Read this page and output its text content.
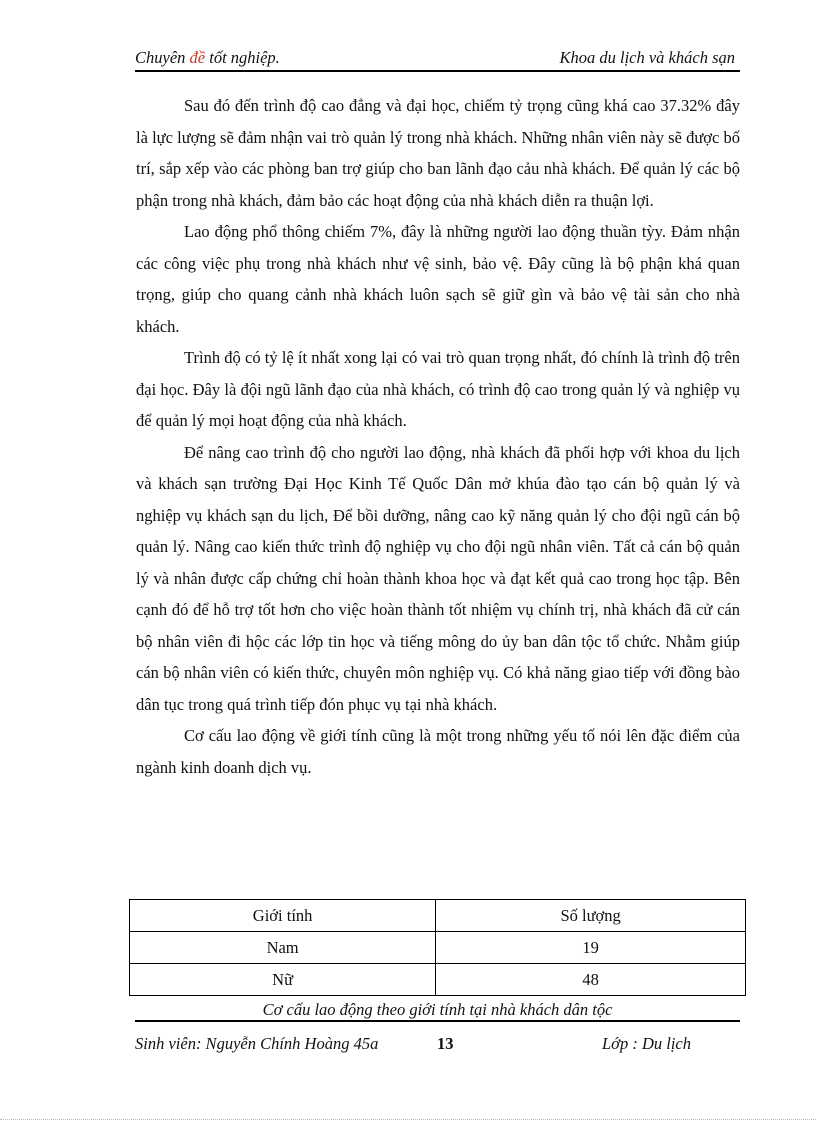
Chuyên đề tốt nghiệp.	Khoa du lịch và khách sạn

Sau đó đến trình độ cao đẳng và đại học, chiếm tỷ trọng cũng khá cao 37.32% đây là lực lượng sẽ đảm nhận vai trò quản lý trong nhà khách. Những nhân viên này sẽ được bố trí, sắp xếp vào các phòng ban trợ giúp cho ban lãnh đạo cảu nhà khách. Để quản lý các bộ phận trong nhà khách, đảm bảo các hoạt động của nhà khách diễn ra thuận lợi.

Lao động phổ thông chiếm 7%, đây là những người lao động thuần tỳy. Đảm nhận các công việc phụ trong nhà khách như vệ sinh, bảo vệ. Đây cũng là bộ phận khá quan trọng, giúp cho quang cảnh nhà khách luôn sạch sẽ giữ gìn và bảo vệ tài sản cho nhà khách.

Trình độ có tỷ lệ ít nhất xong lại có vai trò quan trọng nhất, đó chính là trình độ trên đại học. Đây là đội ngũ lãnh đạo của nhà khách, có trình độ cao trong quản lý và nghiệp vụ để quản lý mọi hoạt động của nhà khách.

Để nâng cao trình độ cho người lao động, nhà khách đã phối hợp với khoa du lịch và khách sạn trường Đại Học Kinh Tế Quốc Dân mở khúa đào tạo cán bộ quản lý và nghiệp vụ khách sạn du lịch, Để bồi dưỡng, nâng cao kỹ năng quản lý cho đội ngũ cán bộ quản lý. Nâng cao kiến thức trình độ nghiệp vụ cho đội ngũ nhân viên. Tất cả cán bộ quản lý và nhân được cấp chứng chỉ hoàn thành khoa học và đạt kết quả cao trong học tập. Bên cạnh đó để hỗ trợ tốt hơn cho việc hoàn thành tốt nhiệm vụ chính trị, nhà khách đã cử cán bộ nhân viên đi hộc các lớp tin học và tiếng mông do ủy ban dân tộc tổ chức. Nhằm giúp cán bộ nhân viên có kiến thức, chuyên môn nghiệp vụ. Có khả năng giao tiếp với đồng bào dân tục trong quá trình tiếp đón phục vụ tại nhà khách.

Cơ cấu lao động về giới tính cũng là một trong những yếu tố nói lên đặc điểm của ngành kinh doanh dịch vụ.

Giới tính	Số lượng
Nam	19
Nữ	48
Cơ cấu lao động theo giới tính tại nhà khách dân tộc
Sinh viên: Nguyễn Chính Hoàng 45a	13	Lớp : Du lịch
